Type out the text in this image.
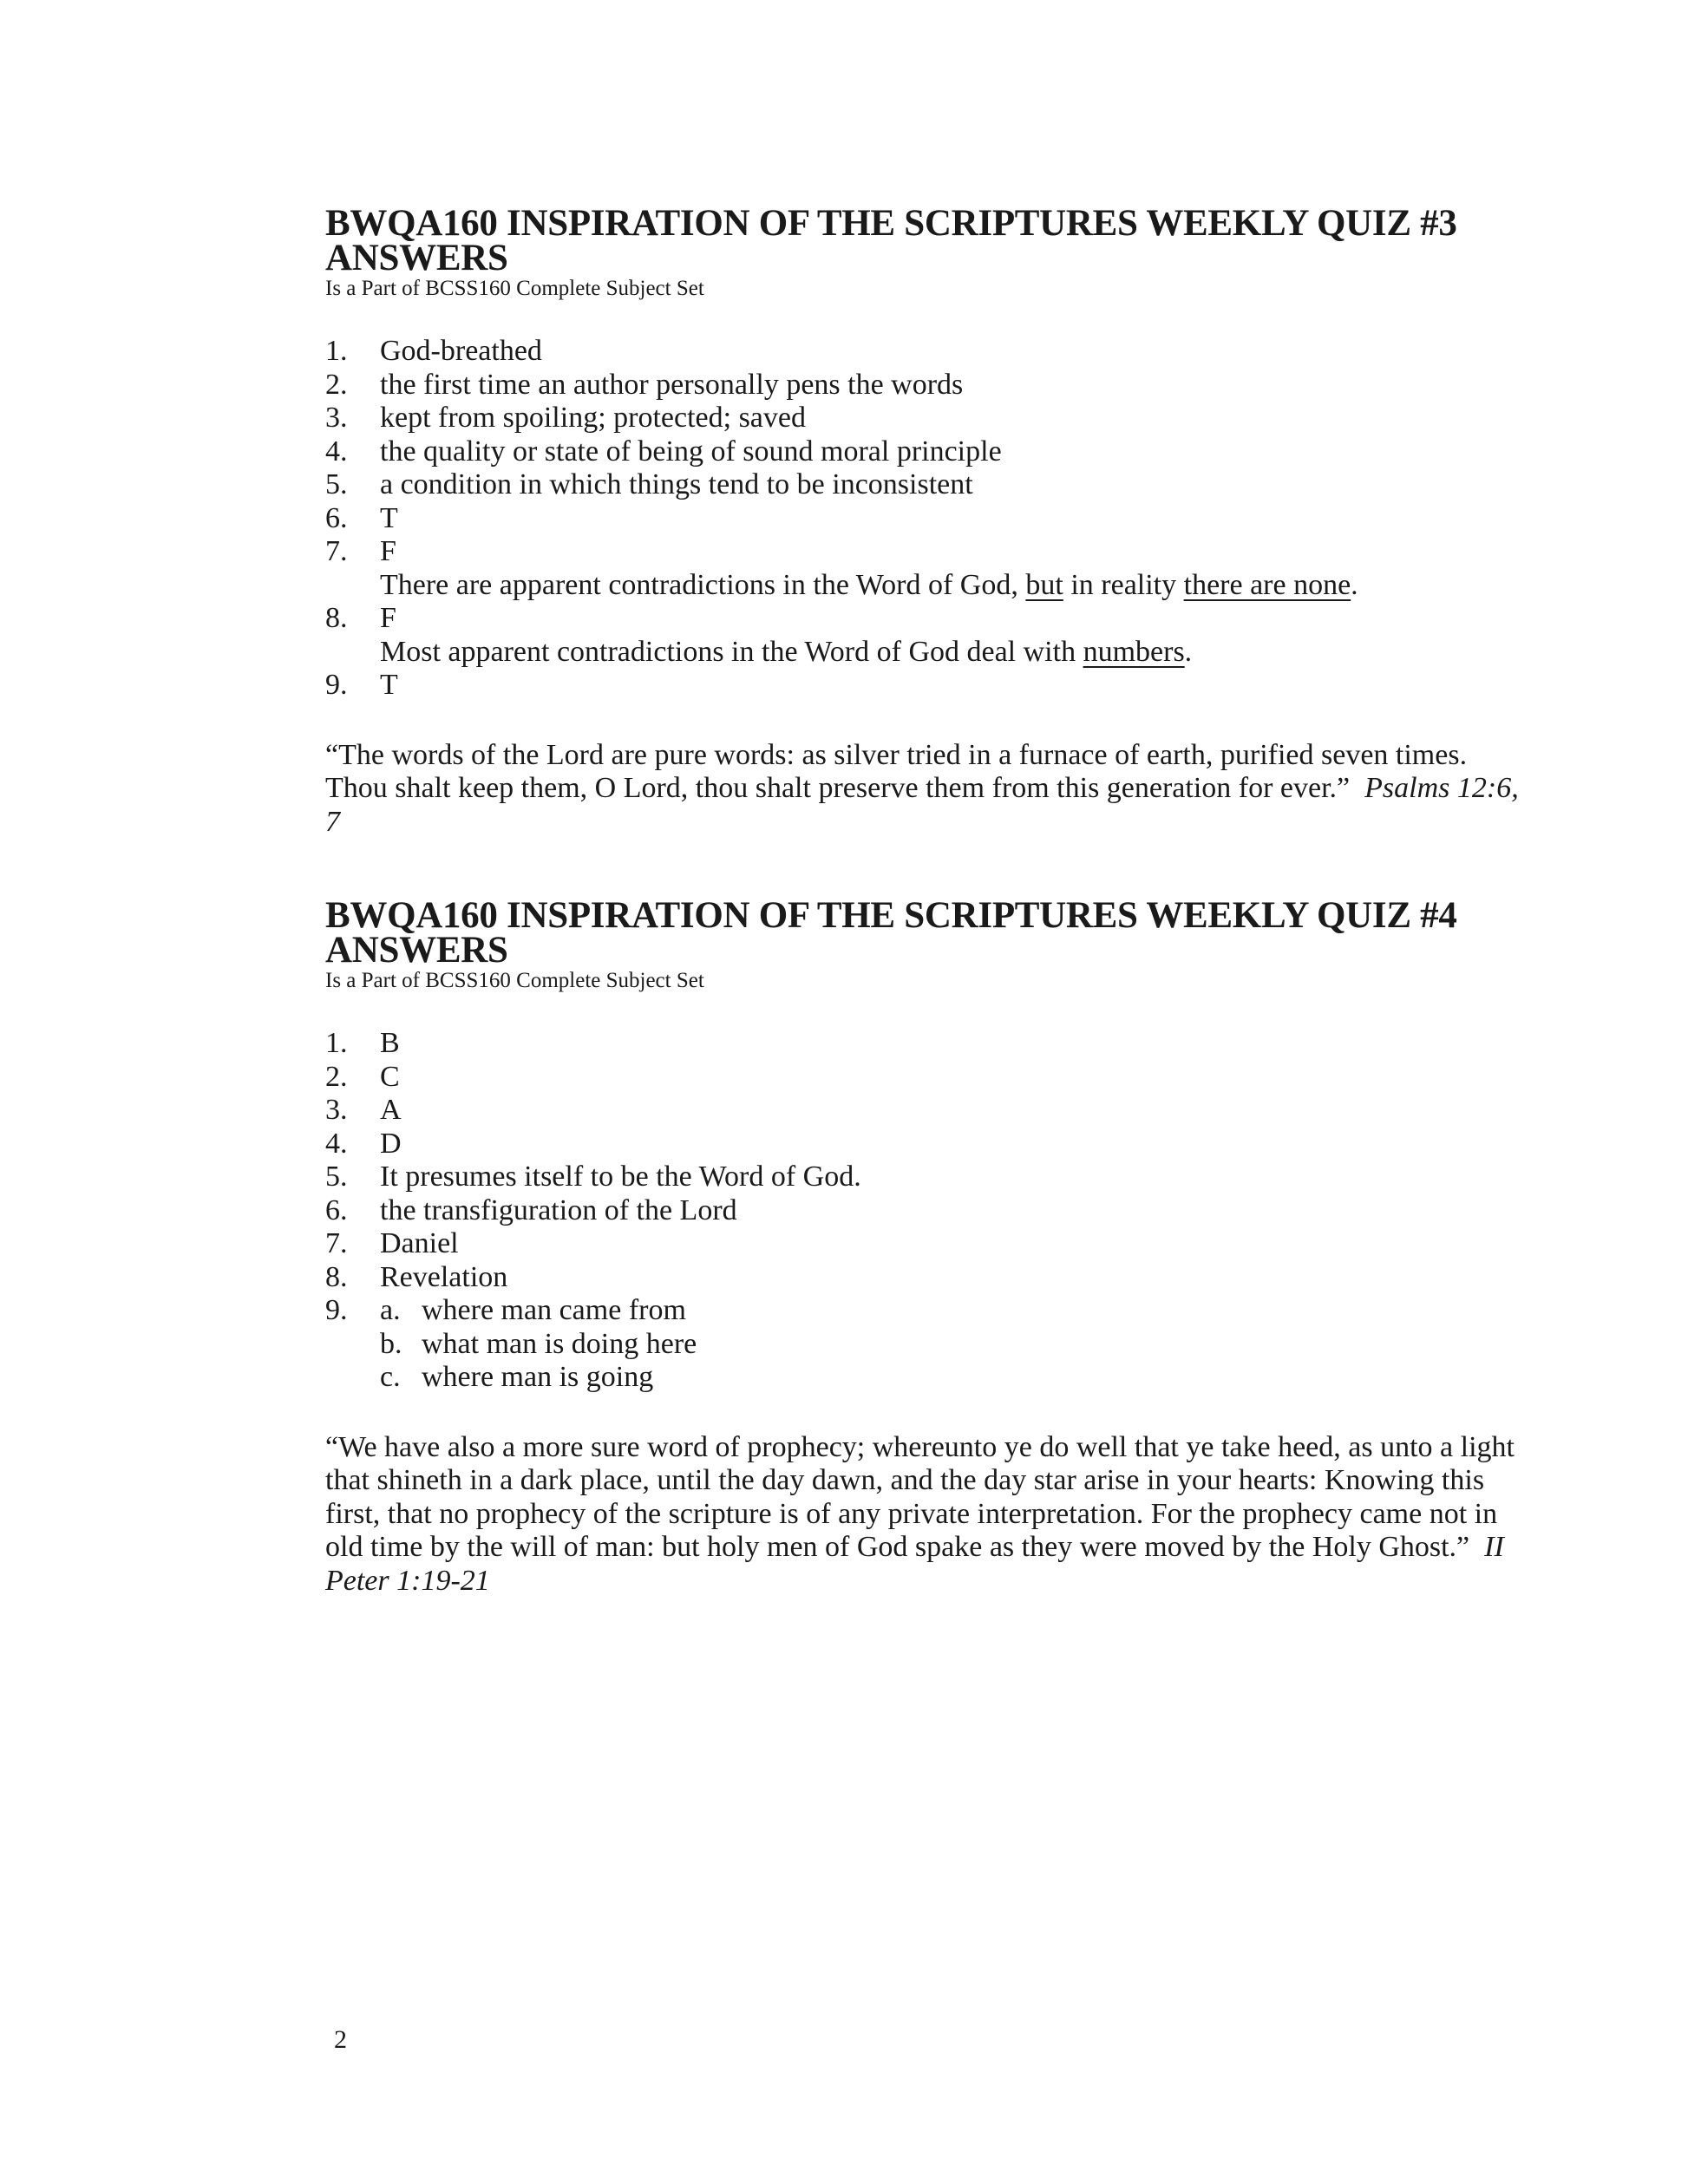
BWQA160 INSPIRATION OF THE SCRIPTURES WEEKLY QUIZ #3
ANSWERS
Is a Part of BCSS160 Complete Subject Set
1.	God-breathed
2.	the first time an author personally pens the words
3.	kept from spoiling; protected; saved
4.	the quality or state of being of sound moral principle
5.	a condition in which things tend to be inconsistent
6.	T
7.	F
There are apparent contradictions in the Word of God, but in reality there are none.
8.	F
Most apparent contradictions in the Word of God deal with numbers.
9.	T
“The words of the Lord are pure words: as silver tried in a furnace of earth, purified seven times. Thou shalt keep them, O Lord, thou shalt preserve them from this generation for ever.” Psalms 12:6, 7
BWQA160 INSPIRATION OF THE SCRIPTURES WEEKLY QUIZ #4
ANSWERS
Is a Part of BCSS160 Complete Subject Set
1.	B
2.	C
3.	A
4.	D
5.	It presumes itself to be the Word of God.
6.	the transfiguration of the Lord
7.	Daniel
8.	Revelation
9.	a. where man came from
b. what man is doing here
c. where man is going
“We have also a more sure word of prophecy; whereunto ye do well that ye take heed, as unto a light that shineth in a dark place, until the day dawn, and the day star arise in your hearts: Knowing this first, that no prophecy of the scripture is of any private interpretation. For the prophecy came not in old time by the will of man: but holy men of God spake as they were moved by the Holy Ghost.” II Peter 1:19-21
2
